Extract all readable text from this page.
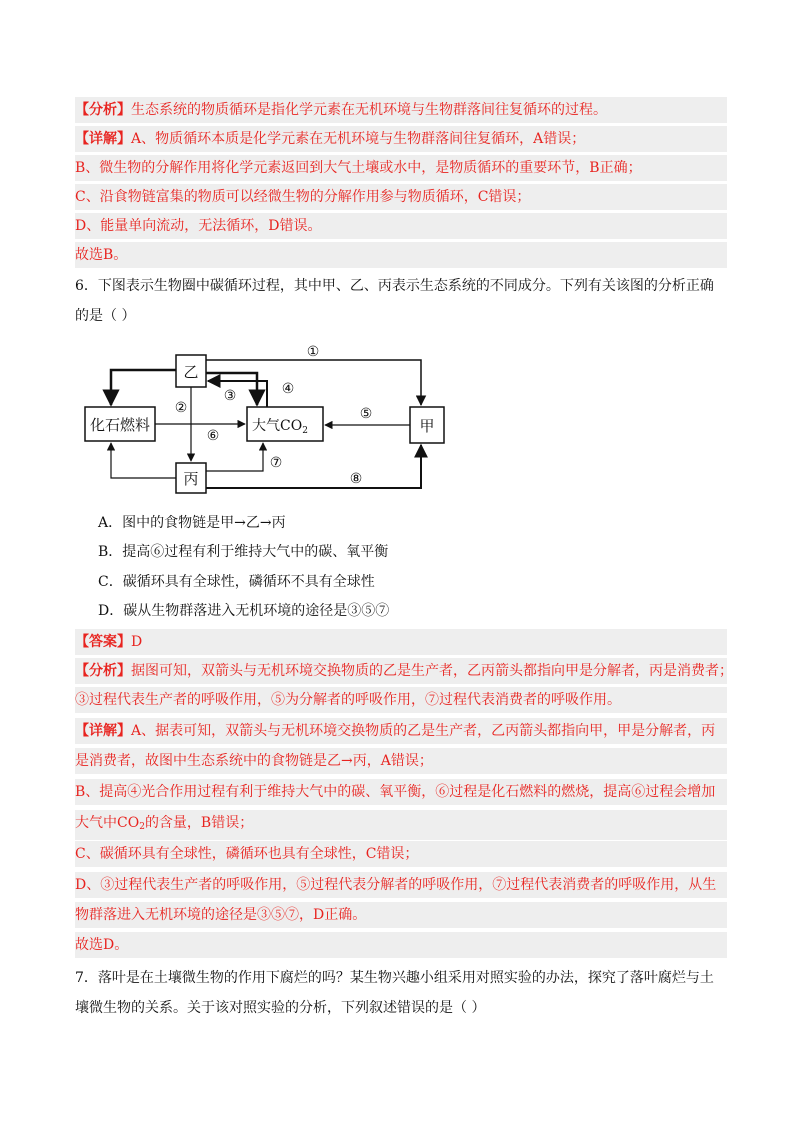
【分析】生态系统的物质循环是指化学元素在无机环境与生物群落间往复循环的过程。
【详解】A、物质循环本质是化学元素在无机环境与生物群落间往复循环，A错误；
B、微生物的分解作用将化学元素返回到大气土壤或水中，是物质循环的重要环节，B正确；
C、沿食物链富集的物质可以经微生物的分解作用参与物质循环，C错误；
D、能量单向流动，无法循环，D错误。
故选B。
6．下图表示生物圈中碳循环过程，其中甲、乙、丙表示生态系统的不同成分。下列有关该图的分析正确
的是（ ）
乙
化石燃料	大气$CO_2$	甲
丙
①
②
③	④
⑤
⑥
⑦
⑧
A．图中的食物链是甲→乙→丙
B．提高⑥过程有利于维持大气中的碳、氧平衡
C．碳循环具有全球性，磷循环不具有全球性
D．碳从生物群落进入无机环境的途径是③⑤⑦
【答案】D
【分析】据图可知，双箭头与无机环境交换物质的乙是生产者，乙丙箭头都指向甲是分解者，丙是消费者；
③过程代表生产者的呼吸作用，⑤为分解者的呼吸作用，⑦过程代表消费者的呼吸作用。
【详解】A、据表可知，双箭头与无机环境交换物质的乙是生产者，乙丙箭头都指向甲，甲是分解者，丙
是消费者，故图中生态系统中的食物链是乙→丙，A错误；
B、提高④光合作用过程有利于维持大气中的碳、氧平衡，⑥过程是化石燃料的燃烧，提高⑥过程会增加
大气中$CO_2$的含量，B错误；
C、碳循环具有全球性，磷循环也具有全球性，C错误；
D、③过程代表生产者的呼吸作用，⑤过程代表分解者的呼吸作用，⑦过程代表消费者的呼吸作用，从生
物群落进入无机环境的途径是③⑤⑦，D正确。
故选D。
7．落叶是在土壤微生物的作用下腐烂的吗？某生物兴趣小组采用对照实验的办法，探究了落叶腐烂与土
壤微生物的关系。关于该对照实验的分析，下列叙述错误的是（ ）
